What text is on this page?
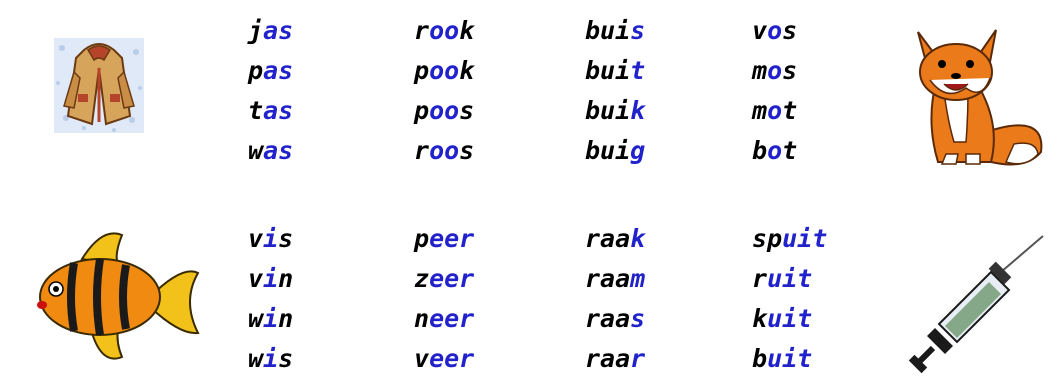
jas	rook	buis	vos
pas	pook	buit	mos
tas	poos	buik	mot
was	roos	buig	bot
vis	peer	raak	spuit
vin	zeer	raam	ruit
win	neer	raas	kuit
wis	veer	raar	buit
